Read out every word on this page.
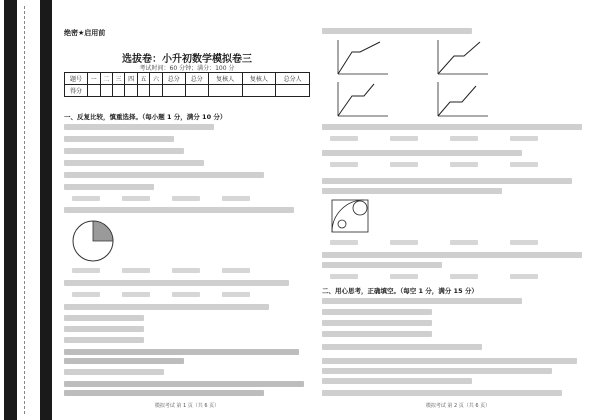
绝密★启用前
选拔卷：小升初数学模拟卷三
考试时间：60 分钟；满分：100 分
题号	一	二	三	四	五	六	总分	总分	复核人	复核人	总分人
得分											
一、反复比较，慎重选择。（每小题 1 分，满分 10 分）
模拟考试 第 1 页（共 6 页）
二、用心思考，正确填空。（每空 1 分，满分 15 分）
模拟考试 第 2 页（共 6 页）
